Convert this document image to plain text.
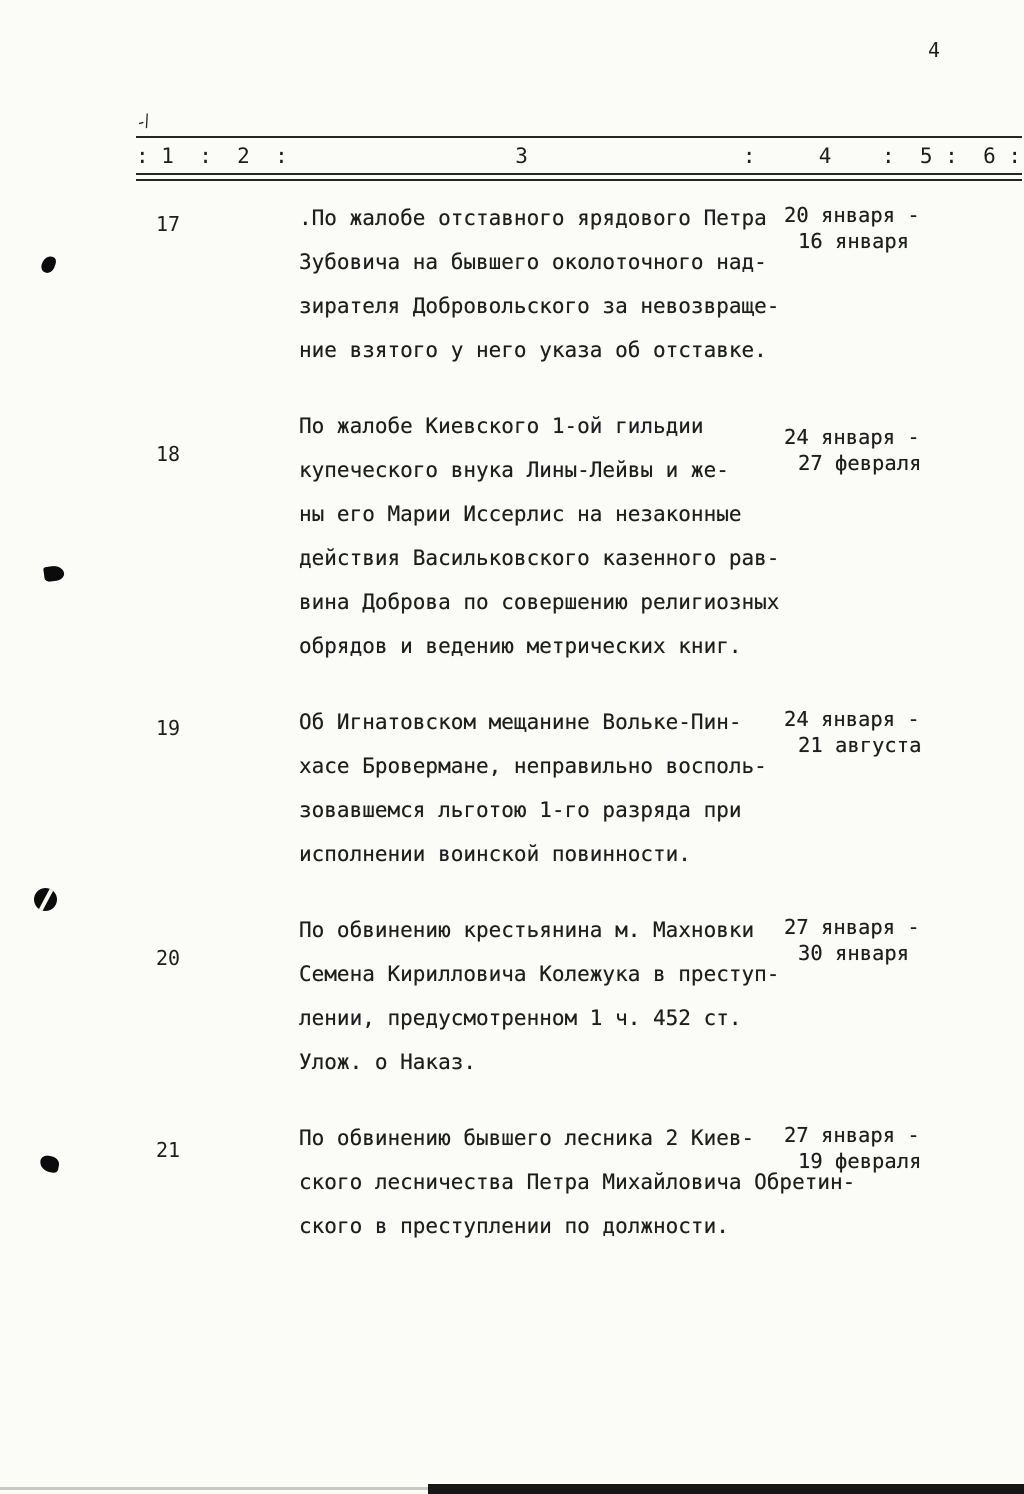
4
-/
: 1  :  2  :                  3                 :     4    :  5 :  6 :
17	.По жалобе отставного ярядового Петра
Зубовича на бывшего околоточного над-
зирателя Добровольского за невозвраще-
ние взятого у него указа об отставке.
20 января -
16 января
18
По жалобе Киевского 1-ой гильдии
купеческого внука Лины-Лейвы и же-
ны его Марии Иссерлис на незаконные
действия Васильковского казенного рав-
вина Доброва по совершению религиозных
обрядов и ведению метрических книг.
24 января -
27 февраля
19	Об Игнатовском мещанине Вольке-Пин-
хасе Бровермане, неправильно восполь-
зовавшемся льготою 1-го разряда при
исполнении воинской повинности.
24 января -
21 августа
20
По обвинению крестьянина м. Махновки
Семена Кирилловича Колежука в преступ-
лении, предусмотренном 1 ч. 452 ст.
Улож. о Наказ.
27 января -
30 января
21	По обвинению бывшего лесника 2 Киев-
ского лесничества Петра Михайловича Обретин-
ского в преступлении по должности.
27 января -
19 февраля
